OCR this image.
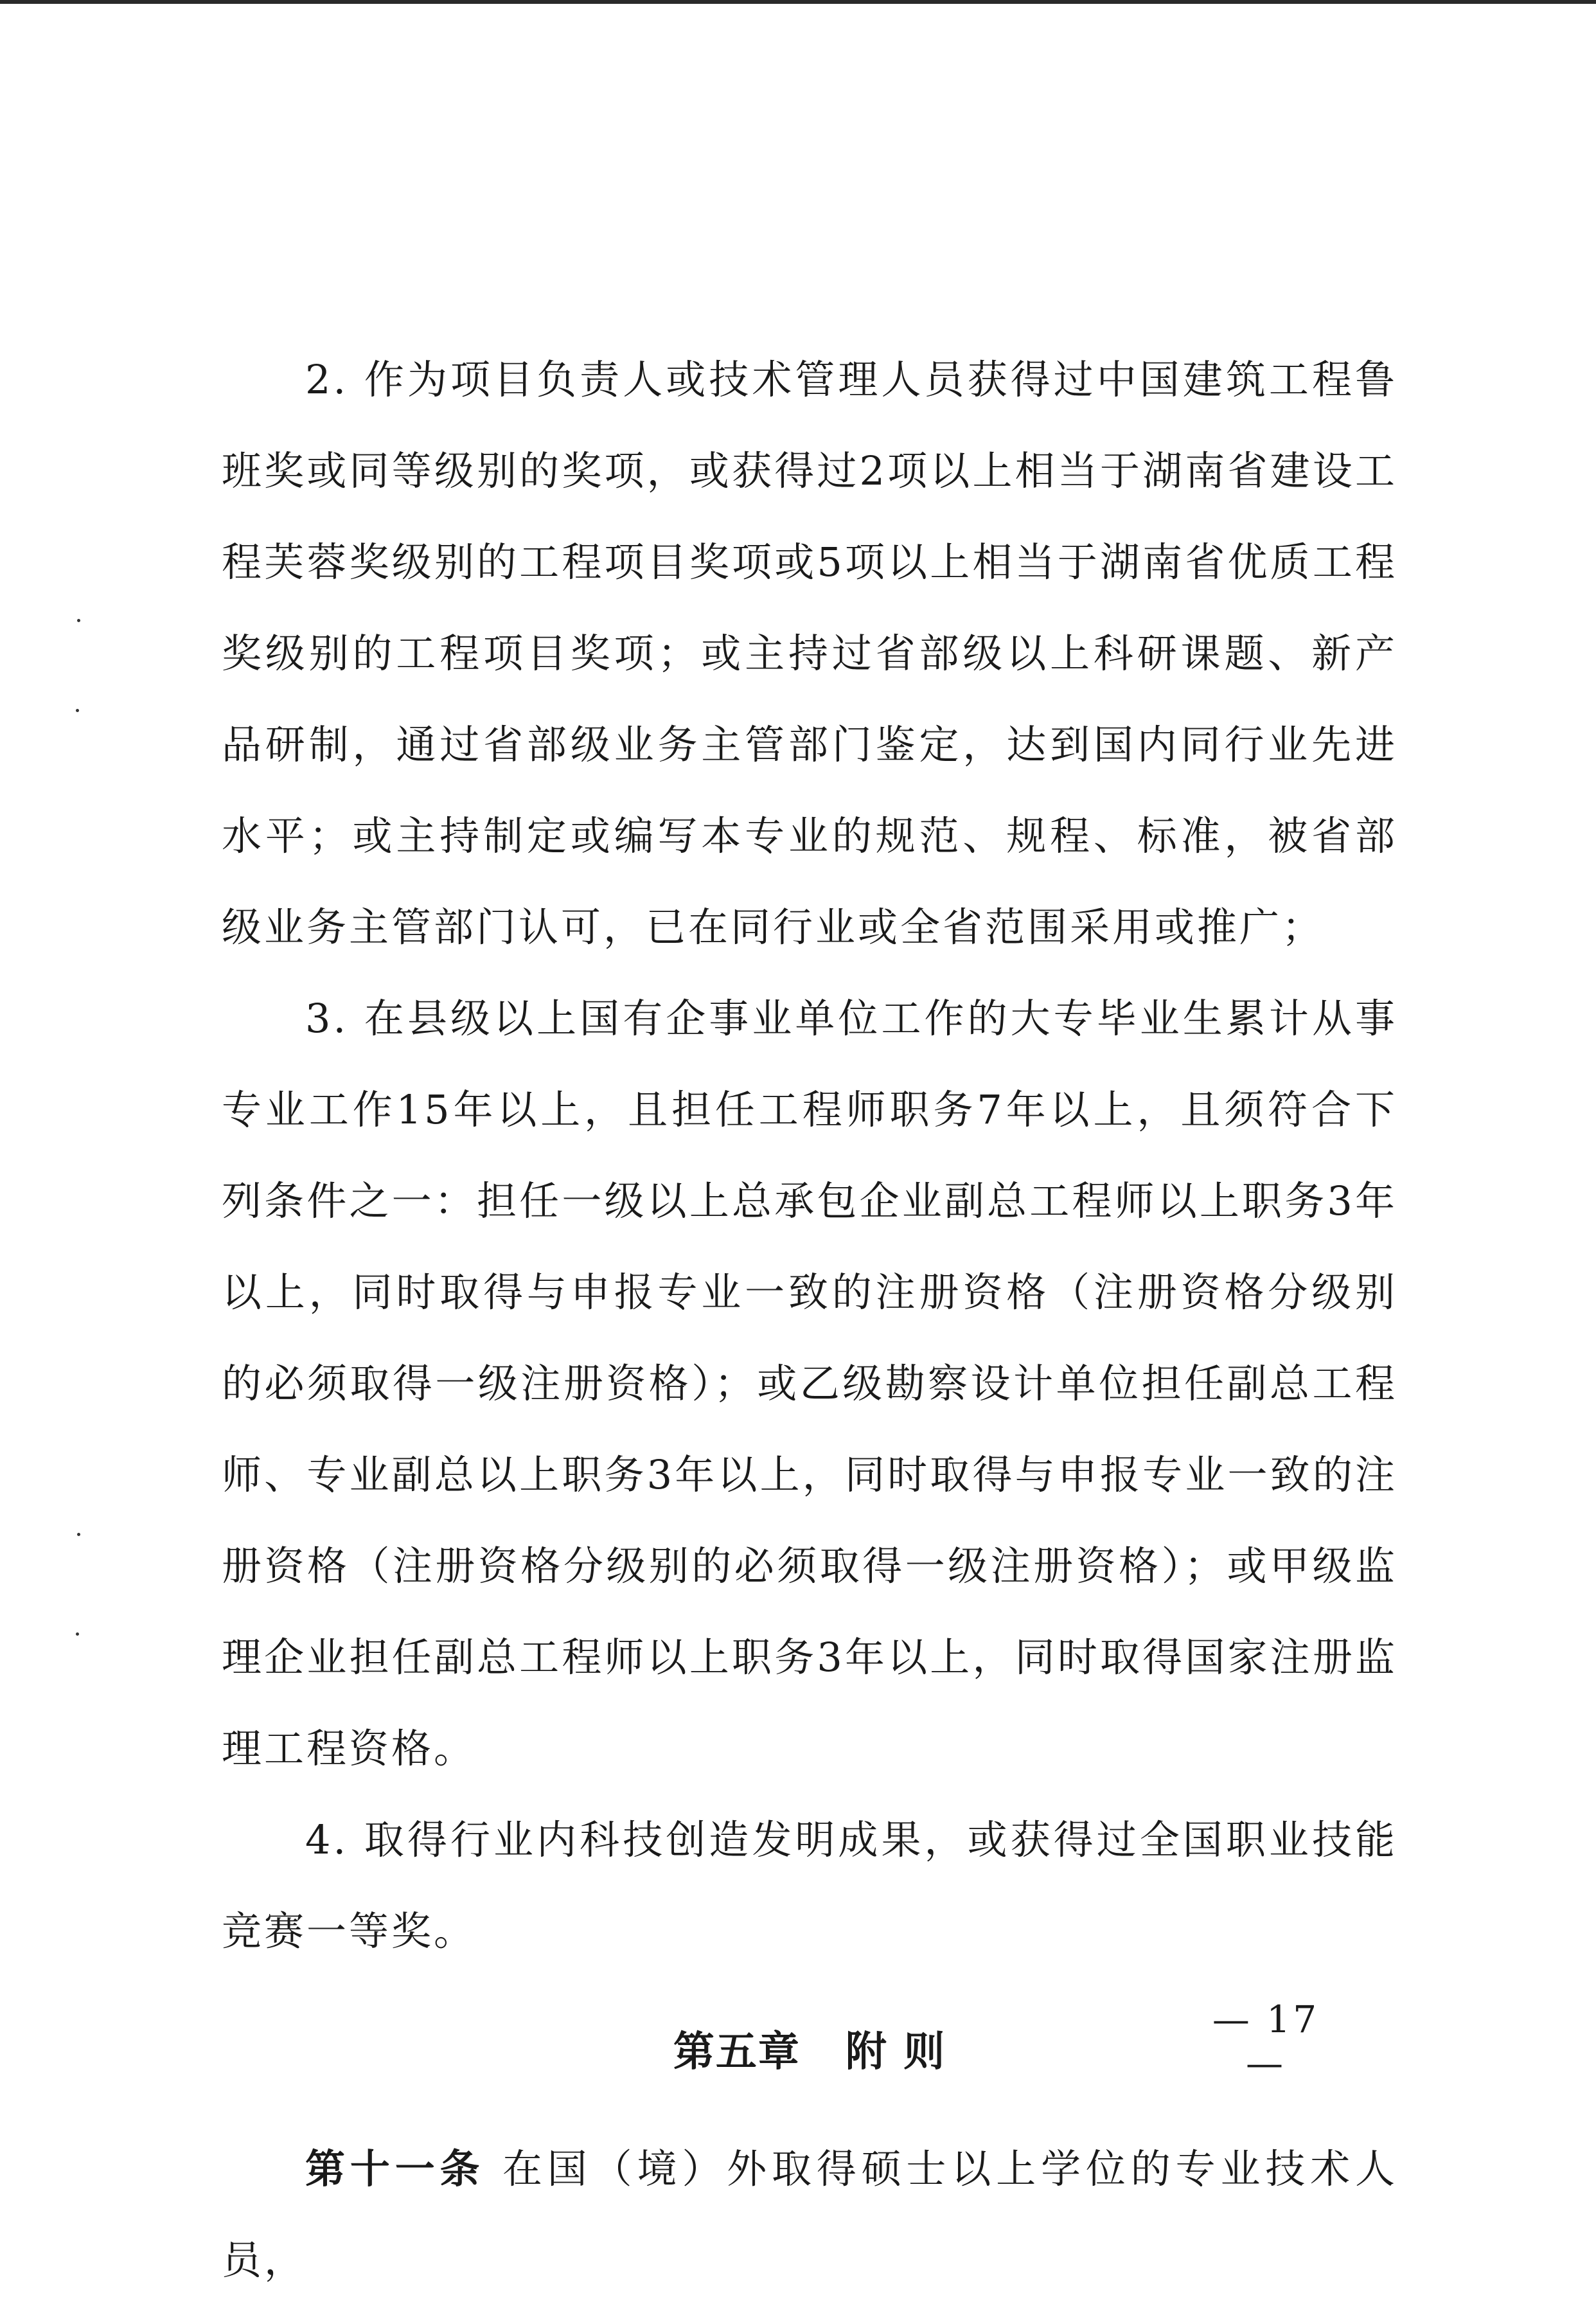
2. 作为项目负责人或技术管理人员获得过中国建筑工程鲁班奖或同等级别的奖项，或获得过2项以上相当于湖南省建设工程芙蓉奖级别的工程项目奖项或5项以上相当于湖南省优质工程奖级别的工程项目奖项；或主持过省部级以上科研课题、新产品研制，通过省部级业务主管部门鉴定，达到国内同行业先进水平；或主持制定或编写本专业的规范、规程、标准，被省部级业务主管部门认可，已在同行业或全省范围采用或推广；

3. 在县级以上国有企事业单位工作的大专毕业生累计从事专业工作15年以上，且担任工程师职务7年以上，且须符合下列条件之一：担任一级以上总承包企业副总工程师以上职务3年以上，同时取得与申报专业一致的注册资格（注册资格分级别的必须取得一级注册资格）；或乙级勘察设计单位担任副总工程师、专业副总以上职务3年以上，同时取得与申报专业一致的注册资格（注册资格分级别的必须取得一级注册资格）；或甲级监理企业担任副总工程师以上职务3年以上，同时取得国家注册监理工程资格。

4. 取得行业内科技创造发明成果，或获得过全国职业技能竞赛一等奖。

第五章 附 则

第十一条 在国（境）外取得硕士以上学位的专业技术人员，

— 17 —
